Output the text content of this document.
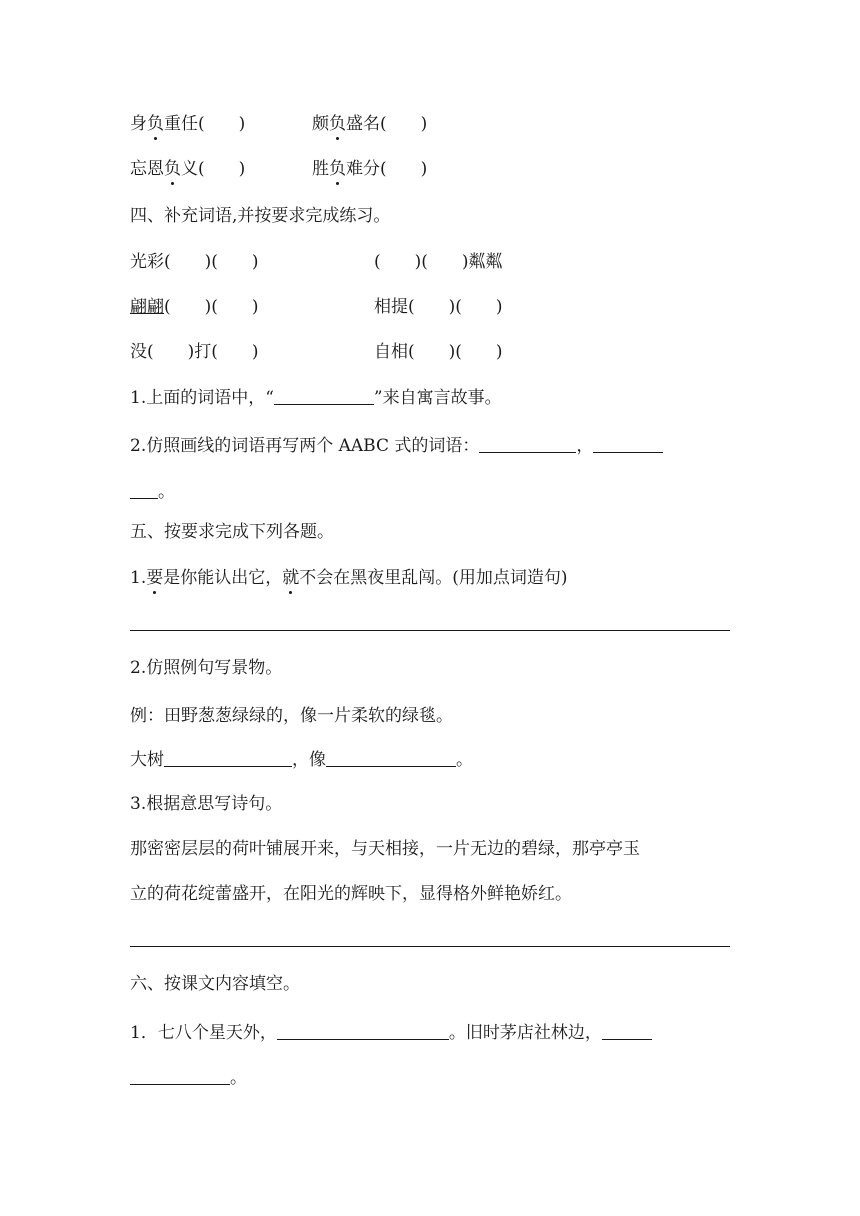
身负重任(　　)	颇负盛名(　　)
忘恩负义(　　)	胜负难分(　　)
四、补充词语,并按要求完成练习。
光彩(　　)(　　)	(　　)(　　)粼粼
翩翩(　　)(　　)	相提(　　)(　　)
没(　　)打(　　)	自相(　　)(　　)
1.上面的词语中，“	”来自寓言故事。
2.仿照画线的词语再写两个 AABC 式的词语：	，
。
五、按要求完成下列各题。
1.要是你能认出它，就不会在黑夜里乱闯。(用加点词造句)
2.仿照例句写景物。
例：田野葱葱绿绿的，像一片柔软的绿毯。
大树	，像	。
3.根据意思写诗句。
那密密层层的荷叶铺展开来，与天相接，一片无边的碧绿，那亭亭玉
立的荷花绽蕾盛开，在阳光的辉映下，显得格外鲜艳娇红。
六、按课文内容填空。
1．七八个星天外，	。旧时茅店社林边，
。
